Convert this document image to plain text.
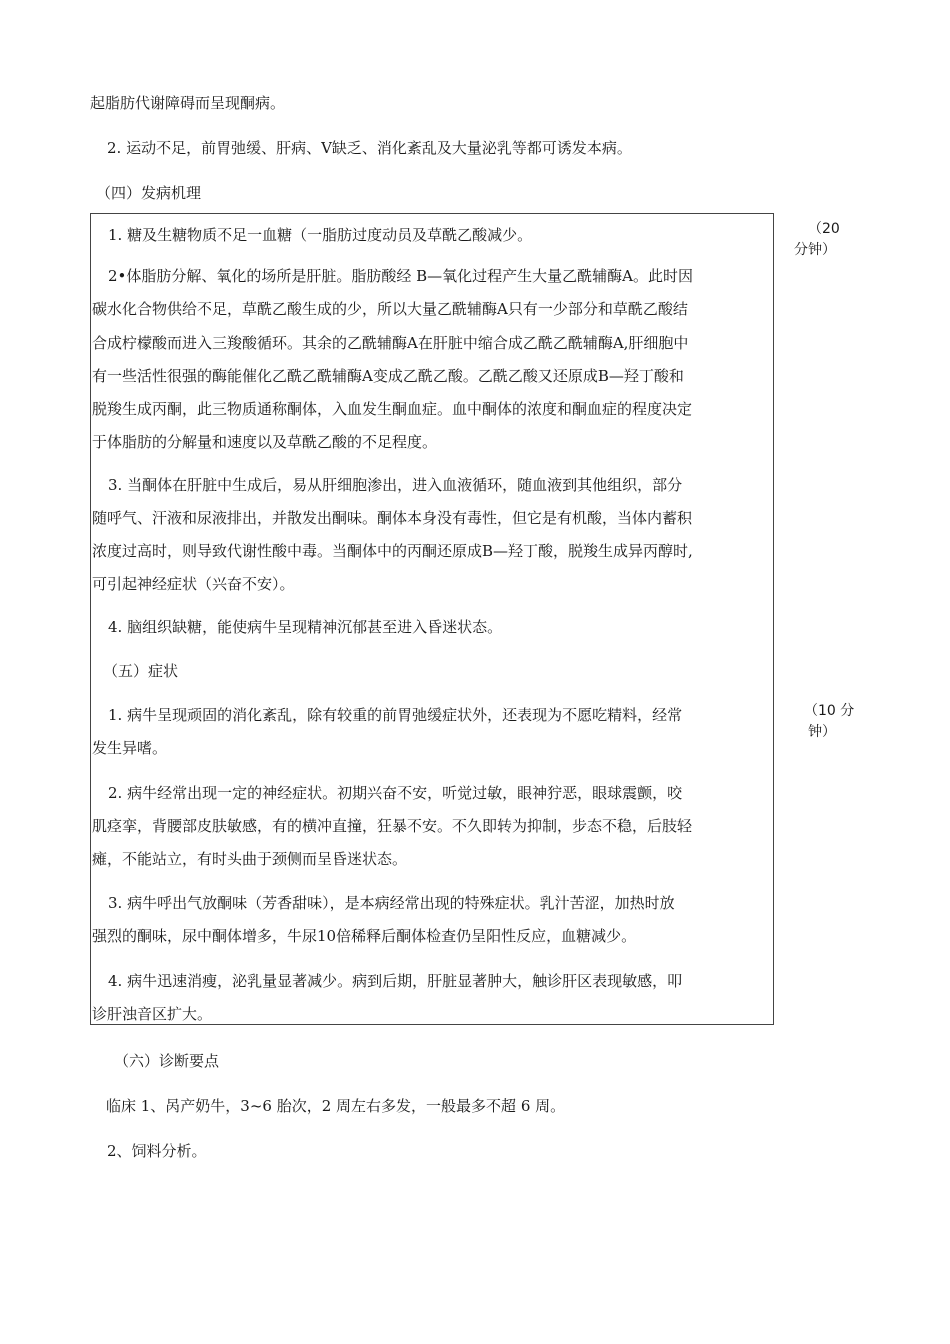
起脂肪代谢障碍而呈现酮病。
2. 运动不足，前胃弛缓、肝病、V缺乏、消化紊乱及大量泌乳等都可诱发本病。
（四）发病机理
1. 糖及生糖物质不足一血糖（一脂肪过度动员及草酰乙酸减少。
2•体脂肪分解、氧化的场所是肝脏。脂肪酸经 B—氧化过程产生大量乙酰辅酶A。此时因
碳水化合物供给不足，草酰乙酸生成的少，所以大量乙酰辅酶A只有一少部分和草酰乙酸结
合成柠檬酸而进入三羧酸循环。其余的乙酰辅酶A在肝脏中缩合成乙酰乙酰辅酶A,肝细胞中
有一些活性很强的酶能催化乙酰乙酰辅酶A变成乙酰乙酸。乙酰乙酸又还原成B—羟丁酸和
脱羧生成丙酮，此三物质通称酮体，入血发生酮血症。血中酮体的浓度和酮血症的程度决定
于体脂肪的分解量和速度以及草酰乙酸的不足程度。
3. 当酮体在肝脏中生成后，易从肝细胞渗出，进入血液循环，随血液到其他组织，部分
随呼气、汗液和尿液排出，并散发出酮味。酮体本身没有毒性，但它是有机酸，当体内蓄积
浓度过高时，则导致代谢性酸中毒。当酮体中的丙酮还原成B—羟丁酸，脱羧生成异丙醇时,
可引起神经症状（兴奋不安）。
4. 脑组织缺糖，能使病牛呈现精神沉郁甚至进入昏迷状态。
（五）症状
1. 病牛呈现顽固的消化紊乱，除有较重的前胃弛缓症状外，还表现为不愿吃精料，经常
发生异嗜。
2. 病牛经常出现一定的神经症状。初期兴奋不安，听觉过敏，眼神狞恶，眼球震颤，咬
肌痉挛，背腰部皮肤敏感，有的横冲直撞，狂暴不安。不久即转为抑制，步态不稳，后肢轻
瘫，不能站立，有时头曲于颈侧而呈昏迷状态。
3. 病牛呼出气放酮味（芳香甜味），是本病经常出现的特殊症状。乳汁苦涩，加热时放
强烈的酮味，尿中酮体增多，牛尿10倍稀释后酮体检查仍呈阳性反应，血糖减少。
4. 病牛迅速消瘦，泌乳量显著减少。病到后期，肝脏显著肿大，触诊肝区表现敏感，叩
诊肝浊音区扩大。
（20
分钟）
（10 分
钟）
（六）诊断要点
临床 1、呙产奶牛，3~6 胎次，2 周左右多发，一般最多不超 6 周。
2、饲料分析。
